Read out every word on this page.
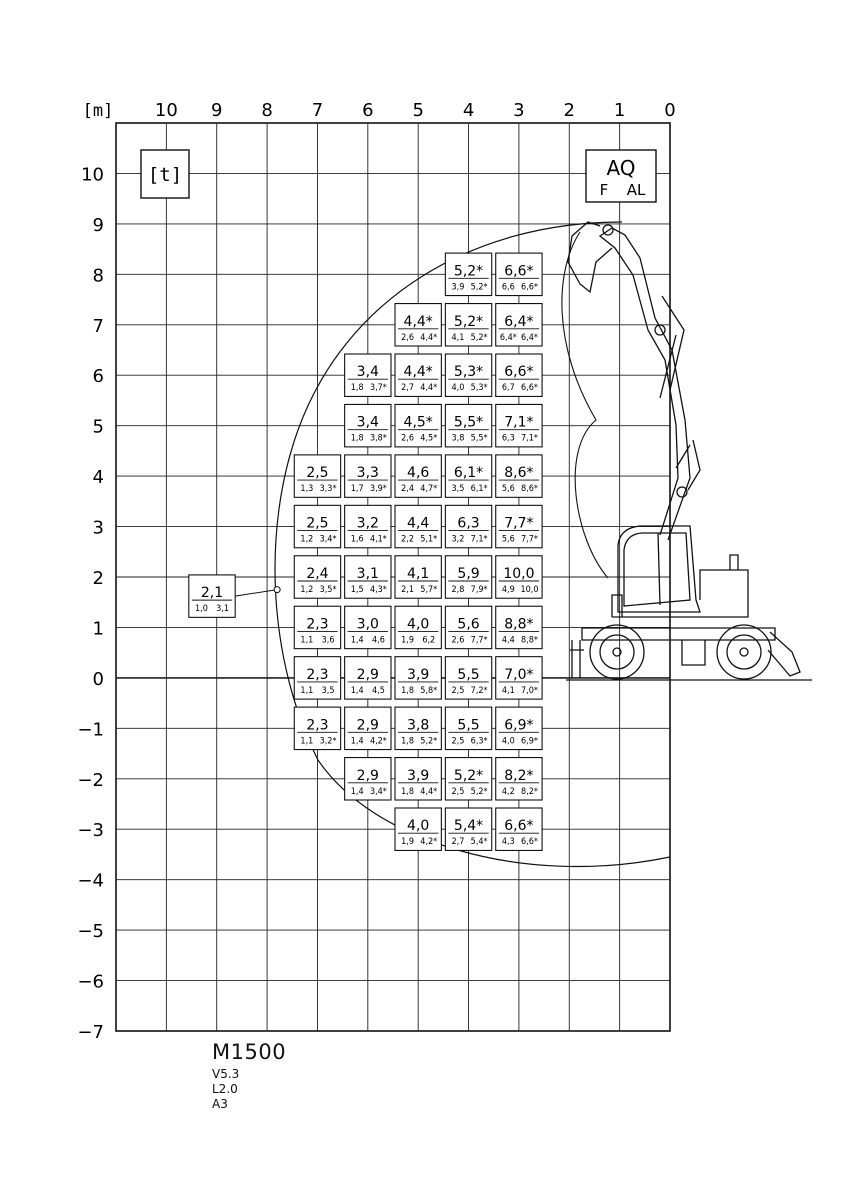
5,2*
3,9 5,2*
6,6*
6,6 6,6*
4,4*
2,6 4,4*
5,2*
4,1 5,2*
6,4*
6,4* 6,4*
3,4
1,8 3,7*
4,4*
2,7 4,4*
5,3*
4,0 5,3*
6,6*
6,7 6,6*
3,4
1,8 3,8*
4,5*
2,6 4,5*
5,5*
3,8 5,5*
7,1*
6,3 7,1*
2,5
1,3 3,3*
3,3
1,7 3,9*
4,6
2,4 4,7*
6,1*
3,5 6,1*
8,6*
5,6 8,6*
2,5
1,2 3,4*
3,2
1,6 4,1*
4,4
2,2 5,1*
6,3
3,2 7,1*
7,7*
5,6 7,7*
2,4
1,2 3,5*
3,1
1,5 4,3*
4,1
2,1 5,7*
5,9
2,8 7,9*
10,0
4,9 10,0
2,3
1,1 3,6
3,0
1,4 4,6
4,0
1,9 6,2
5,6
2,6 7,7*
8,8*
4,4 8,8*
2,3
1,1 3,5
2,9
1,4 4,5
3,9
1,8 5,8*
5,5
2,5 7,2*
7,0*
4,1 7,0*
2,3
1,1 3,2*
2,9
1,4 4,2*
3,8
1,8 5,2*
5,5
2,5 6,3*
6,9*
4,0 6,9*
2,9
1,4 3,4*
3,9
1,8 4,4*
5,2*
2,5 5,2*
8,2*
4,2 8,2*
4,0
1,9 4,2*
5,4*
2,7 5,4*
6,6*
4,3 6,6*
2,1
1,0 3,1
[m] 10 9 8 7 6 5 4 3 2 1 0
10
9
8
7
6
5
4
3
2
1
0
−1
−2
−3
−4
−5
−6
−7
[t]	AQ
F AL
M1500
V5.3
L2.0
A3
